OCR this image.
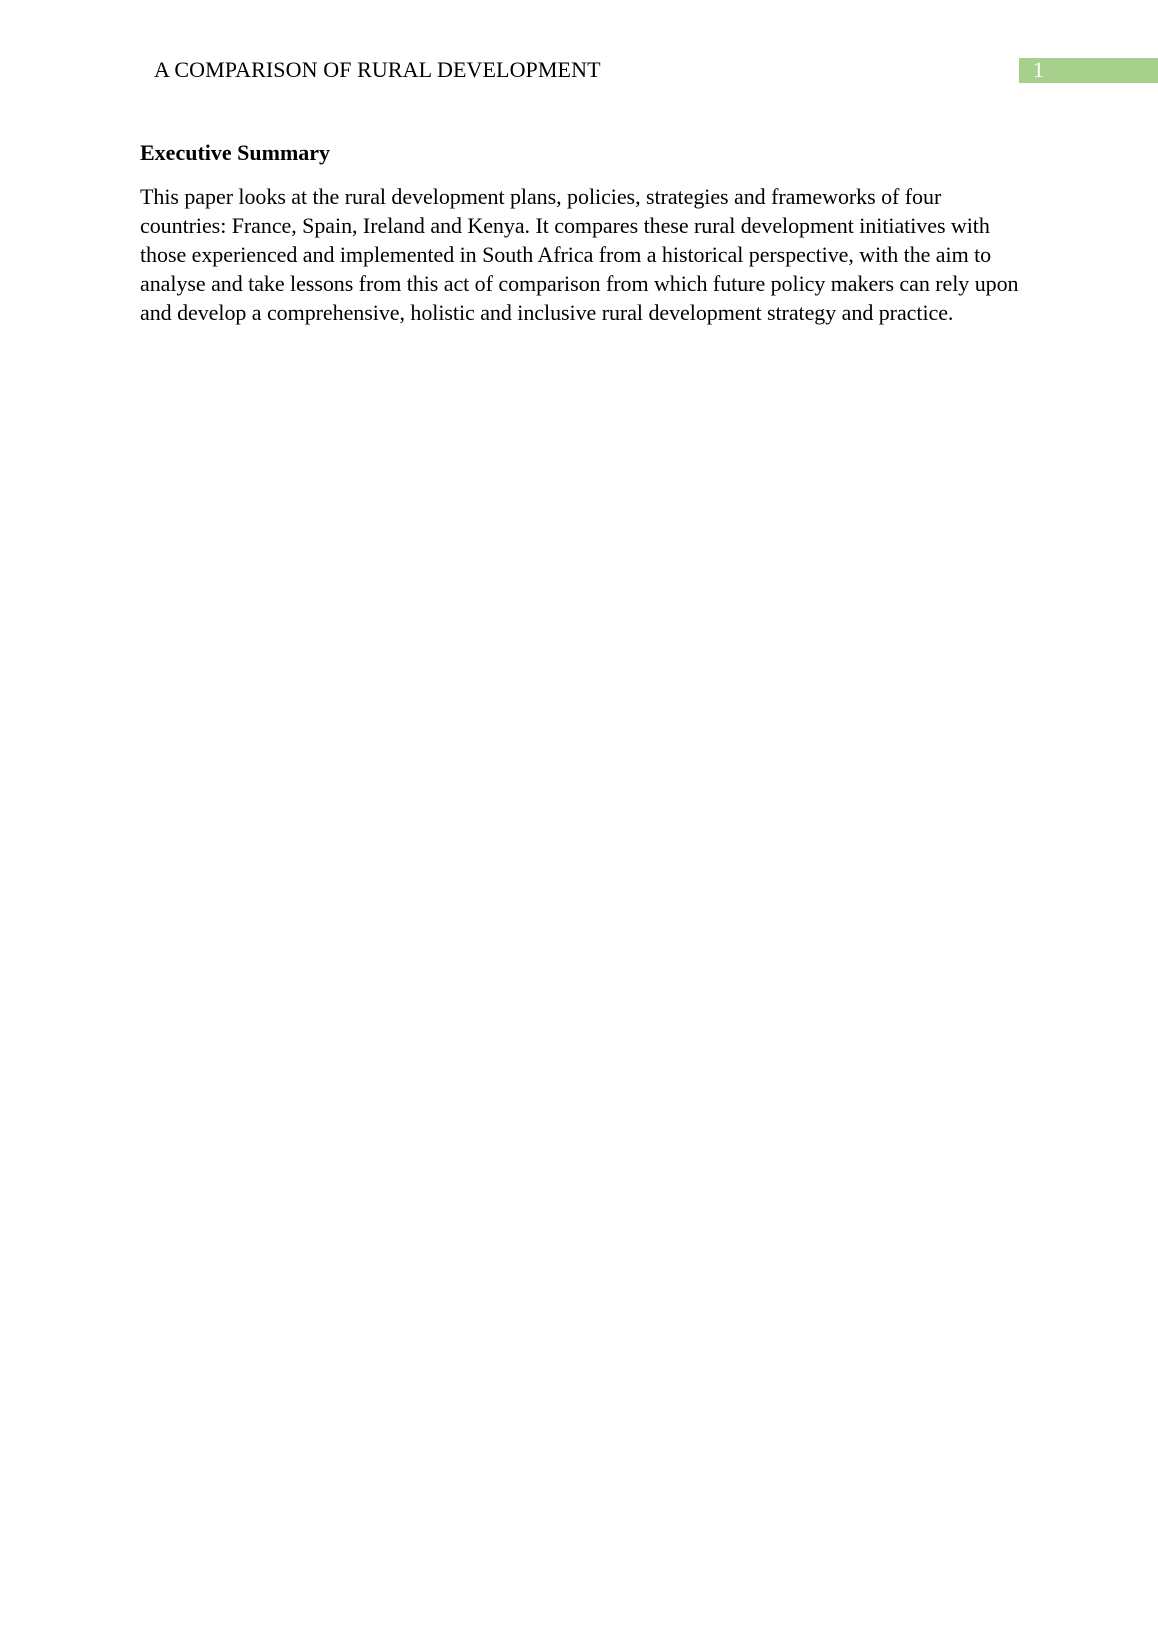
A COMPARISON OF RURAL DEVELOPMENT	1
Executive Summary

This paper looks at the rural development plans, policies, strategies and frameworks of four countries: France, Spain, Ireland and Kenya. It compares these rural development initiatives with those experienced and implemented in South Africa from a historical perspective, with the aim to analyse and take lessons from this act of comparison from which future policy makers can rely upon and develop a comprehensive, holistic and inclusive rural development strategy and practice.
